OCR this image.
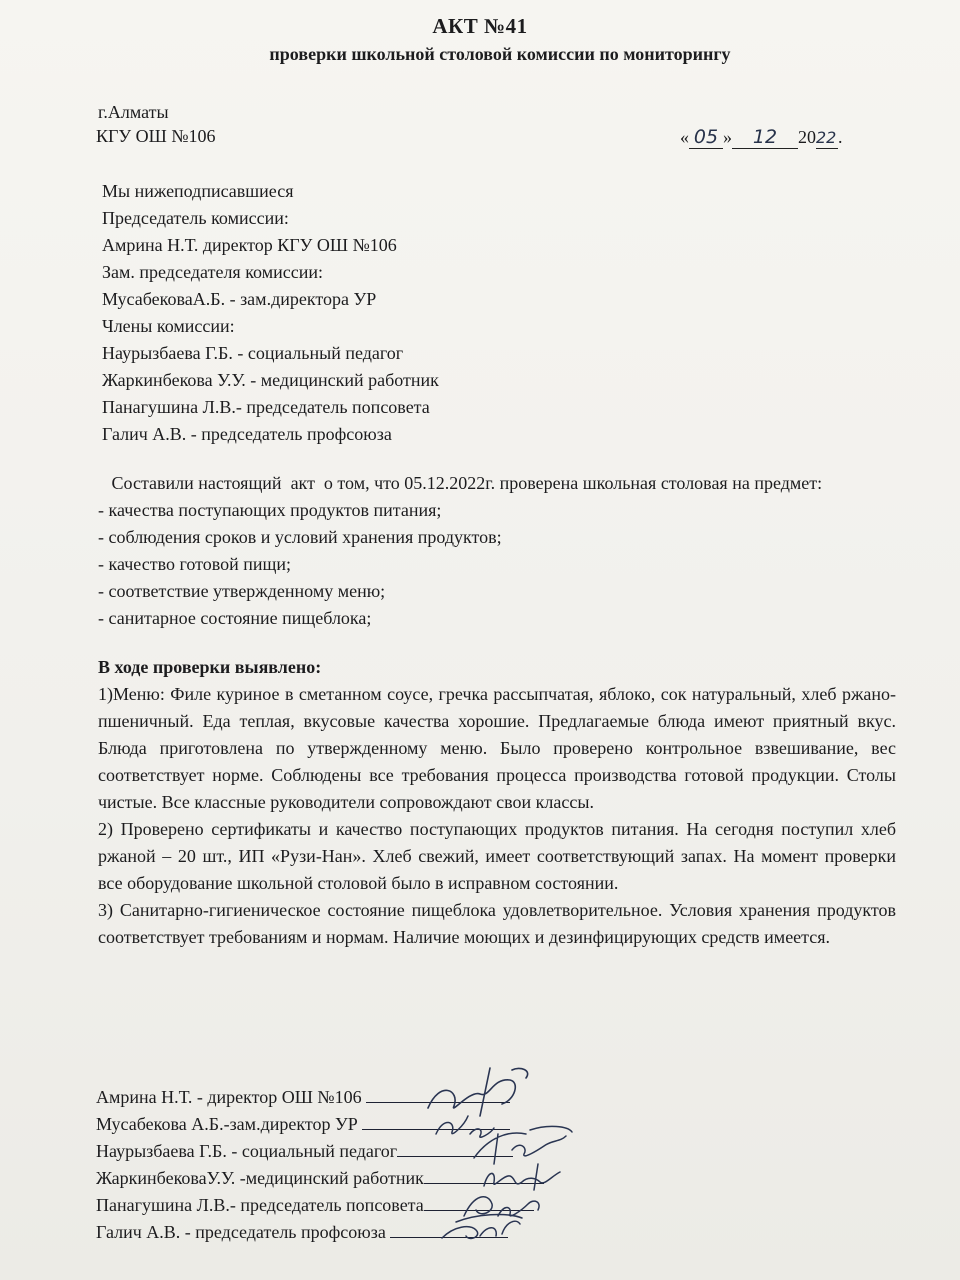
АКТ №41
проверки школьной столовой комиссии по мониторингу
г.Алматы
КГУ ОШ №106	« 05 » 12 2022.
Мы нижеподписавшиеся
Председатель комиссии:
Амрина Н.Т. директор КГУ ОШ №106
Зам. председателя комиссии:
МусабековаА.Б. - зам.директора УР
Члены комиссии:
Наурызбаева Г.Б. - социальный педагог
Жаркинбекова У.У. - медицинский работник
Панагушина Л.В.- председатель попсовета
Галич А.В. - председатель профсоюза
Составили настоящий  акт  о том, что 05.12.2022г. проверена школьная столовая на предмет:
- качества поступающих продуктов питания;
- соблюдения сроков и условий хранения продуктов;
- качество готовой пищи;
- соответствие утвержденному меню;
- санитарное состояние пищеблока;
В ходе проверки выявлено:

1)Меню: Филе куриное в сметанном соусе, гречка рассыпчатая, яблоко, сок натуральный, хлеб ржано-пшеничный. Еда теплая, вкусовые качества хорошие. Предлагаемые блюда имеют приятный вкус. Блюда приготовлена по утвержденному меню. Было проверено контрольное взвешивание, вес соответствует норме. Соблюдены все требования процесса производства готовой продукции. Столы чистые. Все классные руководители сопровождают свои классы.

2) Проверено сертификаты и качество поступающих продуктов питания. На сегодня поступил хлеб ржаной – 20 шт., ИП «Рузи-Нан». Хлеб свежий, имеет соответствующий запах. На момент проверки все оборудование школьной столовой было в исправном состоянии.

3) Санитарно-гигиеническое состояние пищеблока удовлетворительное. Условия хранения продуктов соответствует требованиям и нормам. Наличие моющих и дезинфицирующих средств имеется.

Амрина Н.Т. - директор ОШ №106
Мусабекова А.Б.-зам.директор УР
Наурызбаева Г.Б. - социальный педагог
ЖаркинбековаУ.У. -медицинский работник
Панагушина Л.В.- председатель попсовета
Галич А.В. - председатель профсоюза
